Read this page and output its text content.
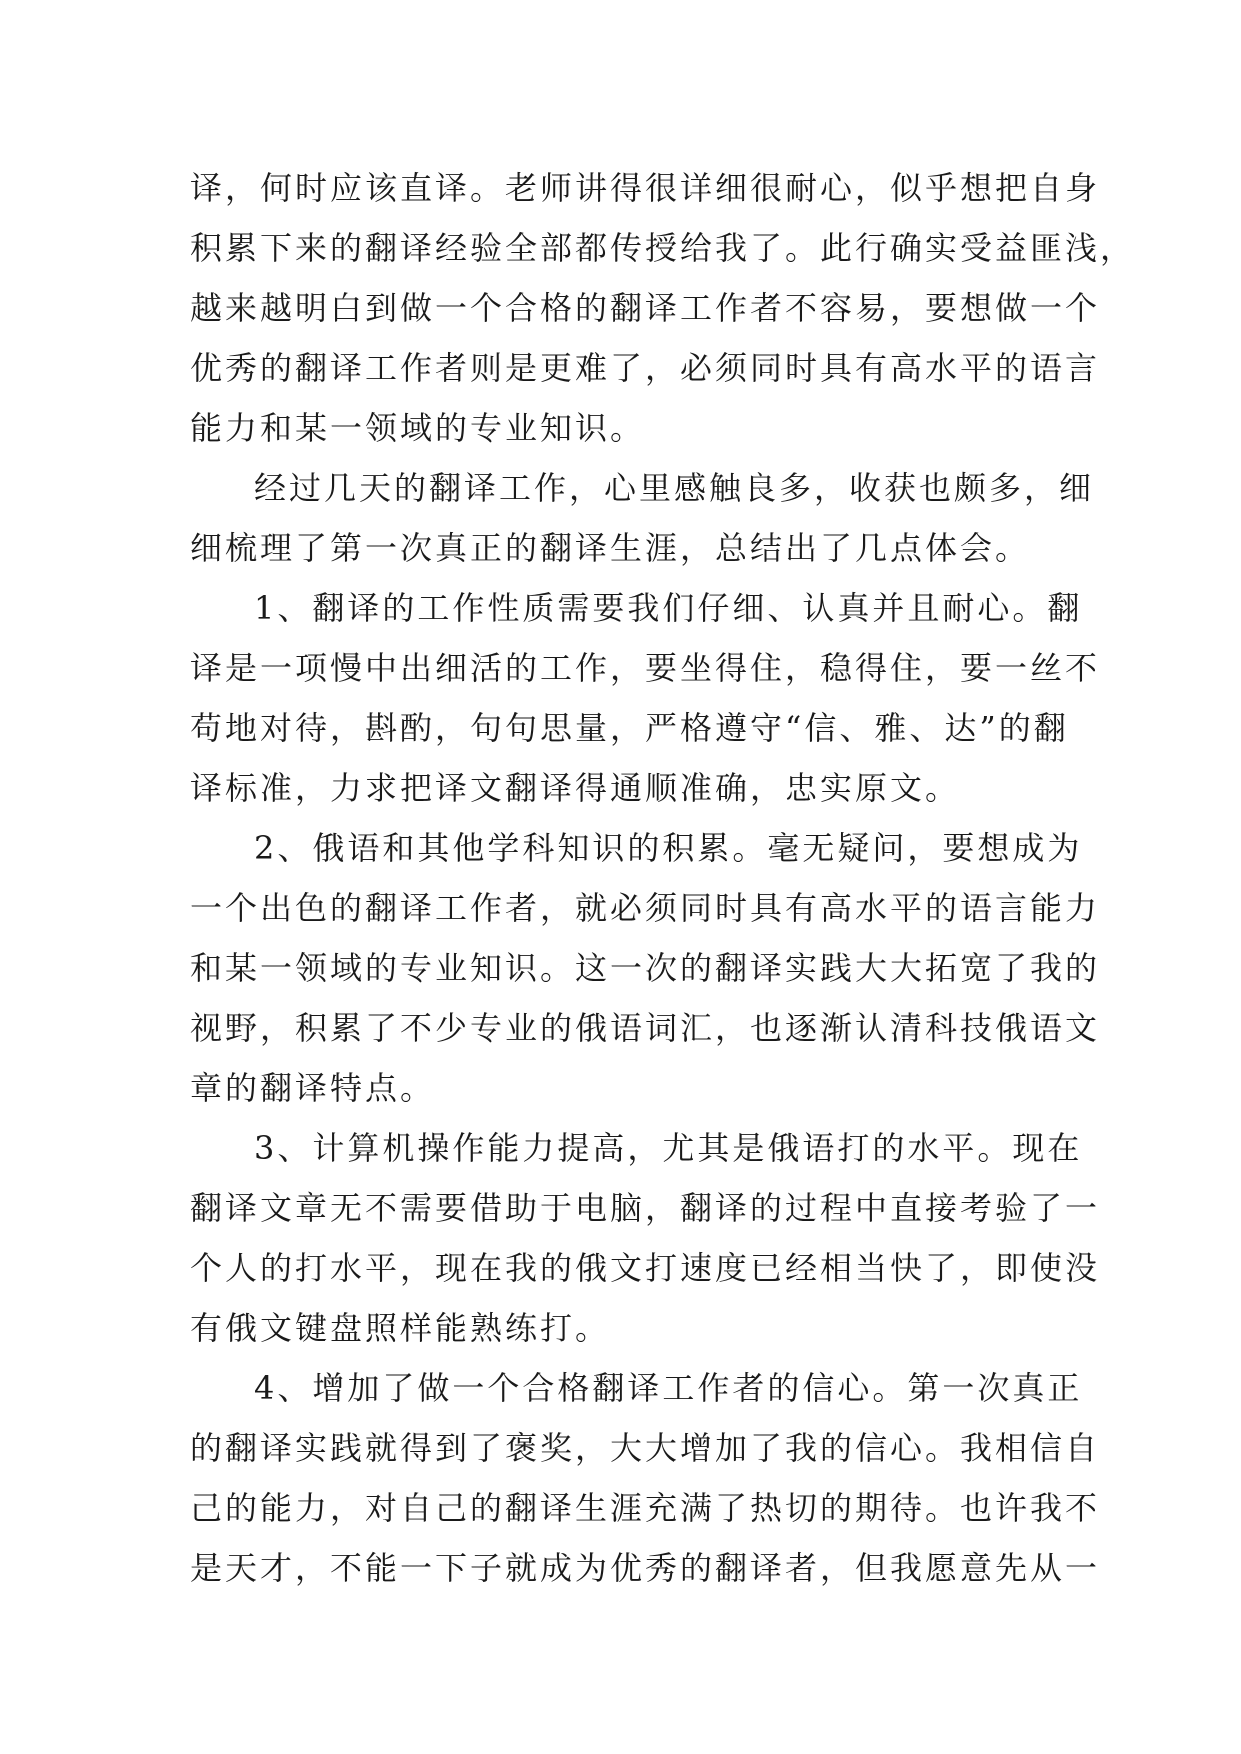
译，何时应该直译。老师讲得很详细很耐心，似乎想把自身

积累下来的翻译经验全部都传授给我了。此行确实受益匪浅，

越来越明白到做一个合格的翻译工作者不容易，要想做一个

优秀的翻译工作者则是更难了，必须同时具有高水平的语言

能力和某一领域的专业知识。

经过几天的翻译工作，心里感触良多，收获也颇多，细

细梳理了第一次真正的翻译生涯，总结出了几点体会。

1、翻译的工作性质需要我们仔细、认真并且耐心。翻

译是一项慢中出细活的工作，要坐得住，稳得住，要一丝不

苟地对待，斟酌，句句思量，严格遵守“信、雅、达”的翻

译标准，力求把译文翻译得通顺准确，忠实原文。

2、俄语和其他学科知识的积累。毫无疑问，要想成为

一个出色的翻译工作者，就必须同时具有高水平的语言能力

和某一领域的专业知识。这一次的翻译实践大大拓宽了我的

视野，积累了不少专业的俄语词汇，也逐渐认清科技俄语文

章的翻译特点。

3、计算机操作能力提高，尤其是俄语打的水平。现在

翻译文章无不需要借助于电脑，翻译的过程中直接考验了一

个人的打水平，现在我的俄文打速度已经相当快了，即使没

有俄文键盘照样能熟练打。

4、增加了做一个合格翻译工作者的信心。第一次真正

的翻译实践就得到了褒奖，大大增加了我的信心。我相信自

己的能力，对自己的翻译生涯充满了热切的期待。也许我不

是天才，不能一下子就成为优秀的翻译者，但我愿意先从一
